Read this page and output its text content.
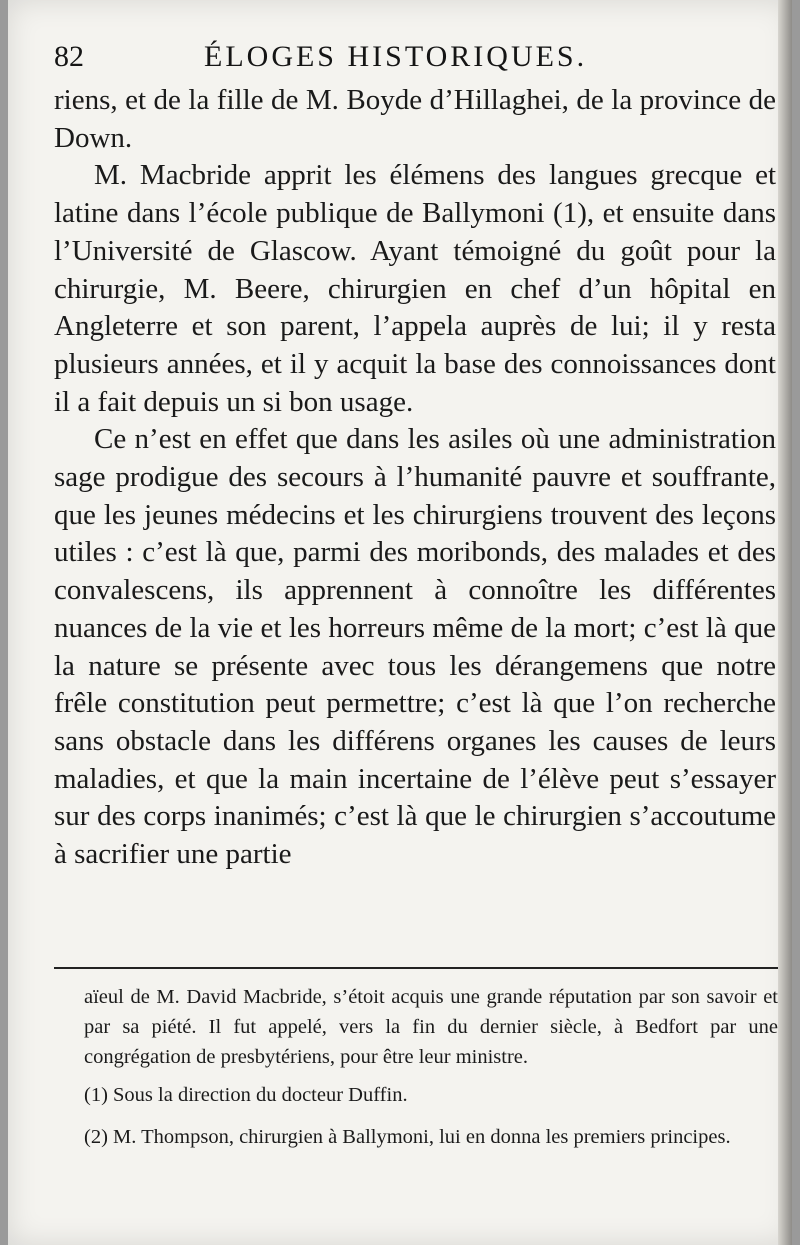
82	ÉLOGES HISTORIQUES.

riens, et de la fille de M. Boyde d’Hillaghei, de la province de Down.

M. Macbride apprit les élémens des langues grecque et latine dans l’école publique de Ballymoni (1), et ensuite dans l’Université de Glascow. Ayant témoigné du goût pour la chirurgie, M. Beere, chirurgien en chef d’un hôpital en Angleterre et son parent, l’appela auprès de lui; il y resta plusieurs années, et il y acquit la base des connoissances dont il a fait depuis un si bon usage.

Ce n’est en effet que dans les asiles où une administration sage prodigue des secours à l’humanité pauvre et souffrante, que les jeunes médecins et les chirurgiens trouvent des leçons utiles : c’est là que, parmi des moribonds, des malades et des convalescens, ils apprennent à connoître les différentes nuances de la vie et les horreurs même de la mort; c’est là que la nature se présente avec tous les dérangemens que notre frêle constitution peut permettre; c’est là que l’on recherche sans obstacle dans les différens organes les causes de leurs maladies, et que la main incertaine de l’élève peut s’essayer sur des corps inanimés; c’est là que le chirurgien s’accoutume à sacrifier une partie

aïeul de M. David Macbride, s’étoit acquis une grande réputation par son savoir et par sa piété. Il fut appelé, vers la fin du dernier siècle, à Bedfort par une congrégation de presbytériens, pour être leur ministre.

(1) Sous la direction du docteur Duffin.

(2) M. Thompson, chirurgien à Ballymoni, lui en donna les premiers principes.
